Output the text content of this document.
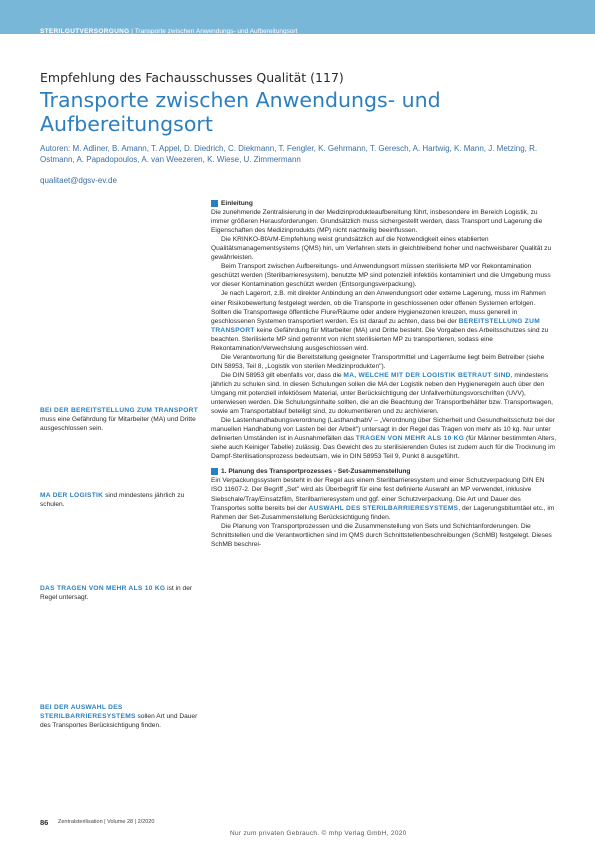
STERILGUTVERSORGUNG | Transporte zwischen Anwendungs- und Aufbereitungsort
Empfehlung des Fachausschusses Qualität (117)
Transporte zwischen Anwendungs- und Aufbereitungsort
Autoren: M. Adliner, B. Amann, T. Appel, D. Diedrich, C. Diekmann, T. Fengler, K. Gehrmann, T. Geresch, A. Hartwig, K. Mann, J. Metzing, R. Ostmann, A. Papadopoulos, A. van Weezeren, K. Wiese, U. Zimmermann
qualitaet@dgsv-ev.de
Einleitung

Die zunehmende Zentralisierung in der Medizinprodukteaufbereitung führt, insbesondere im Bereich Logistik, zu immer größeren Herausforderungen. Grundsätzlich muss sichergestellt werden, dass Transport und Lagerung die Eigenschaften des Medizinprodukts (MP) nicht nachteilig beeinflussen.

Die KRINKO-BfArM-Empfehlung weist grundsätzlich auf die Notwendigkeit eines etablierten Qualitätsmanagementsystems (QMS) hin, um Verfahren stets in gleichbleibend hoher und nachweisbarer Qualität zu gewährleisten.

Beim Transport zwischen Aufbereitungs- und Anwendungsort müssen sterilisierte MP vor Rekontamination geschützt werden (Sterilbarrieresystem), benutzte MP sind potenziell infektiös kontaminiert und die Umgebung muss vor dieser Kontamination geschützt werden (Entsorgungsverpackung).

Je nach Lagerort, z.B. mit direkter Anbindung an den Anwendungsort oder externe Lagerung, muss im Rahmen einer Risikobewertung festgelegt werden, ob die Transporte in geschlossenen oder offenen Systemen erfolgen. Sollten die Transportwege öffentliche Flure/Räume oder andere Hygienezonen kreuzen, muss generell in geschlossenen Systemen transportiert werden. Es ist darauf zu achten, dass bei der BEREITSTELLUNG ZUM TRANSPORT keine Gefährdung für Mitarbeiter (MA) und Dritte besteht. Die Vorgaben des Arbeitsschutzes sind zu beachten. Sterilisierte MP sind getrennt von nicht sterilisierten MP zu transportieren, sodass eine Rekontamination/Verwechslung ausgeschlossen wird.

Die Verantwortung für die Bereitstellung geeigneter Transportmittel und Lagerräume liegt beim Betreiber (siehe DIN 58953, Teil 8, „Logistik von sterilen Medizinprodukten").

Die DIN 58953 gilt ebenfalls vor, dass die MA, WELCHE MIT DER LOGISTIK BETRAUT SIND, mindestens jährlich zu schulen sind. In diesen Schulungen sollen die MA der Logistik neben den Hygieneregeln auch über den Umgang mit potenziell infektiösem Material, unter Berücksichtigung der Unfallverhütungsvorschriften (UVV), unterwiesen werden. Die Schulungsinhalte sollten, die an die Beachtung der Transportbehälter bzw. Transportwagen, sowie am Transportablauf beteiligt sind, zu dokumentieren und zu archivieren.

Die Lastenhandhabungsverordnung (LasthandhabV – „Verordnung über Sicherheit und Gesundheitsschutz bei der manuellen Handhabung von Lasten bei der Arbeit") untersagt in der Regel das Tragen von mehr als 10 kg. Nur unter definierten Umständen ist in Ausnahmefällen das TRAGEN VON MEHR ALS 10 KG (für Männer bestimmten Alters, siehe auch Keiniger Tabelle) zulässig. Das Gewicht des zu sterilisierenden Gutes ist zudem auch für die Trocknung im Dampf-Sterilisationsprozess bedeutsam, wie in DIN 58953 Teil 9, Punkt 8 ausgeführt.

1. Planung des Transportprozesses - Set-Zusammenstellung

Ein Verpackungssystem besteht in der Regel aus einem Sterilbarrieresystem und einer Schutzverpackung DIN EN ISO 11607-2. Der Begriff „Set" wird als Überbegriff für eine fest definierte Auswahl an MP verwendet, inklusive Siebschale/Tray/Einsatzfilm, Sterilbarrieresystem und ggf. einer Schutzverpackung. Die Art und Dauer des Transportes sollte bereits bei der AUSWAHL DES STERILBARRIERESYSTEMS, der Lagerungsbitumtäel etc., im Rahmen der Set-Zusammenstellung Berücksichtigung finden.

Die Planung von Transportprozessen und die Zusammenstellung von Sets und Schichtanforderungen. Die Schnittstellen und die Verantwortlichen sind im QMS durch Schnittstellenbeschreibungen (SchMB) festgelegt. Dieses SchMB beschrei-

BEI DER BEREITSTELLUNG ZUM TRANSPORT muss eine Gefährdung für Mitarbeiter (MA) und Dritte ausgeschlossen sein.
MA DER LOGISTIK sind mindestens jährlich zu schulen.
DAS TRAGEN VON MEHR ALS 10 KG ist in der Regel untersagt.
BEI DER AUSWAHL DES STERILBARRIERESYSTEMS sollen Art und Dauer des Transportes Berücksichtigung finden.
86 Zentralsterilisation | Volume 28 | 2/2020
Nur zum privaten Gebrauch. © mhp Verlag GmbH, 2020
